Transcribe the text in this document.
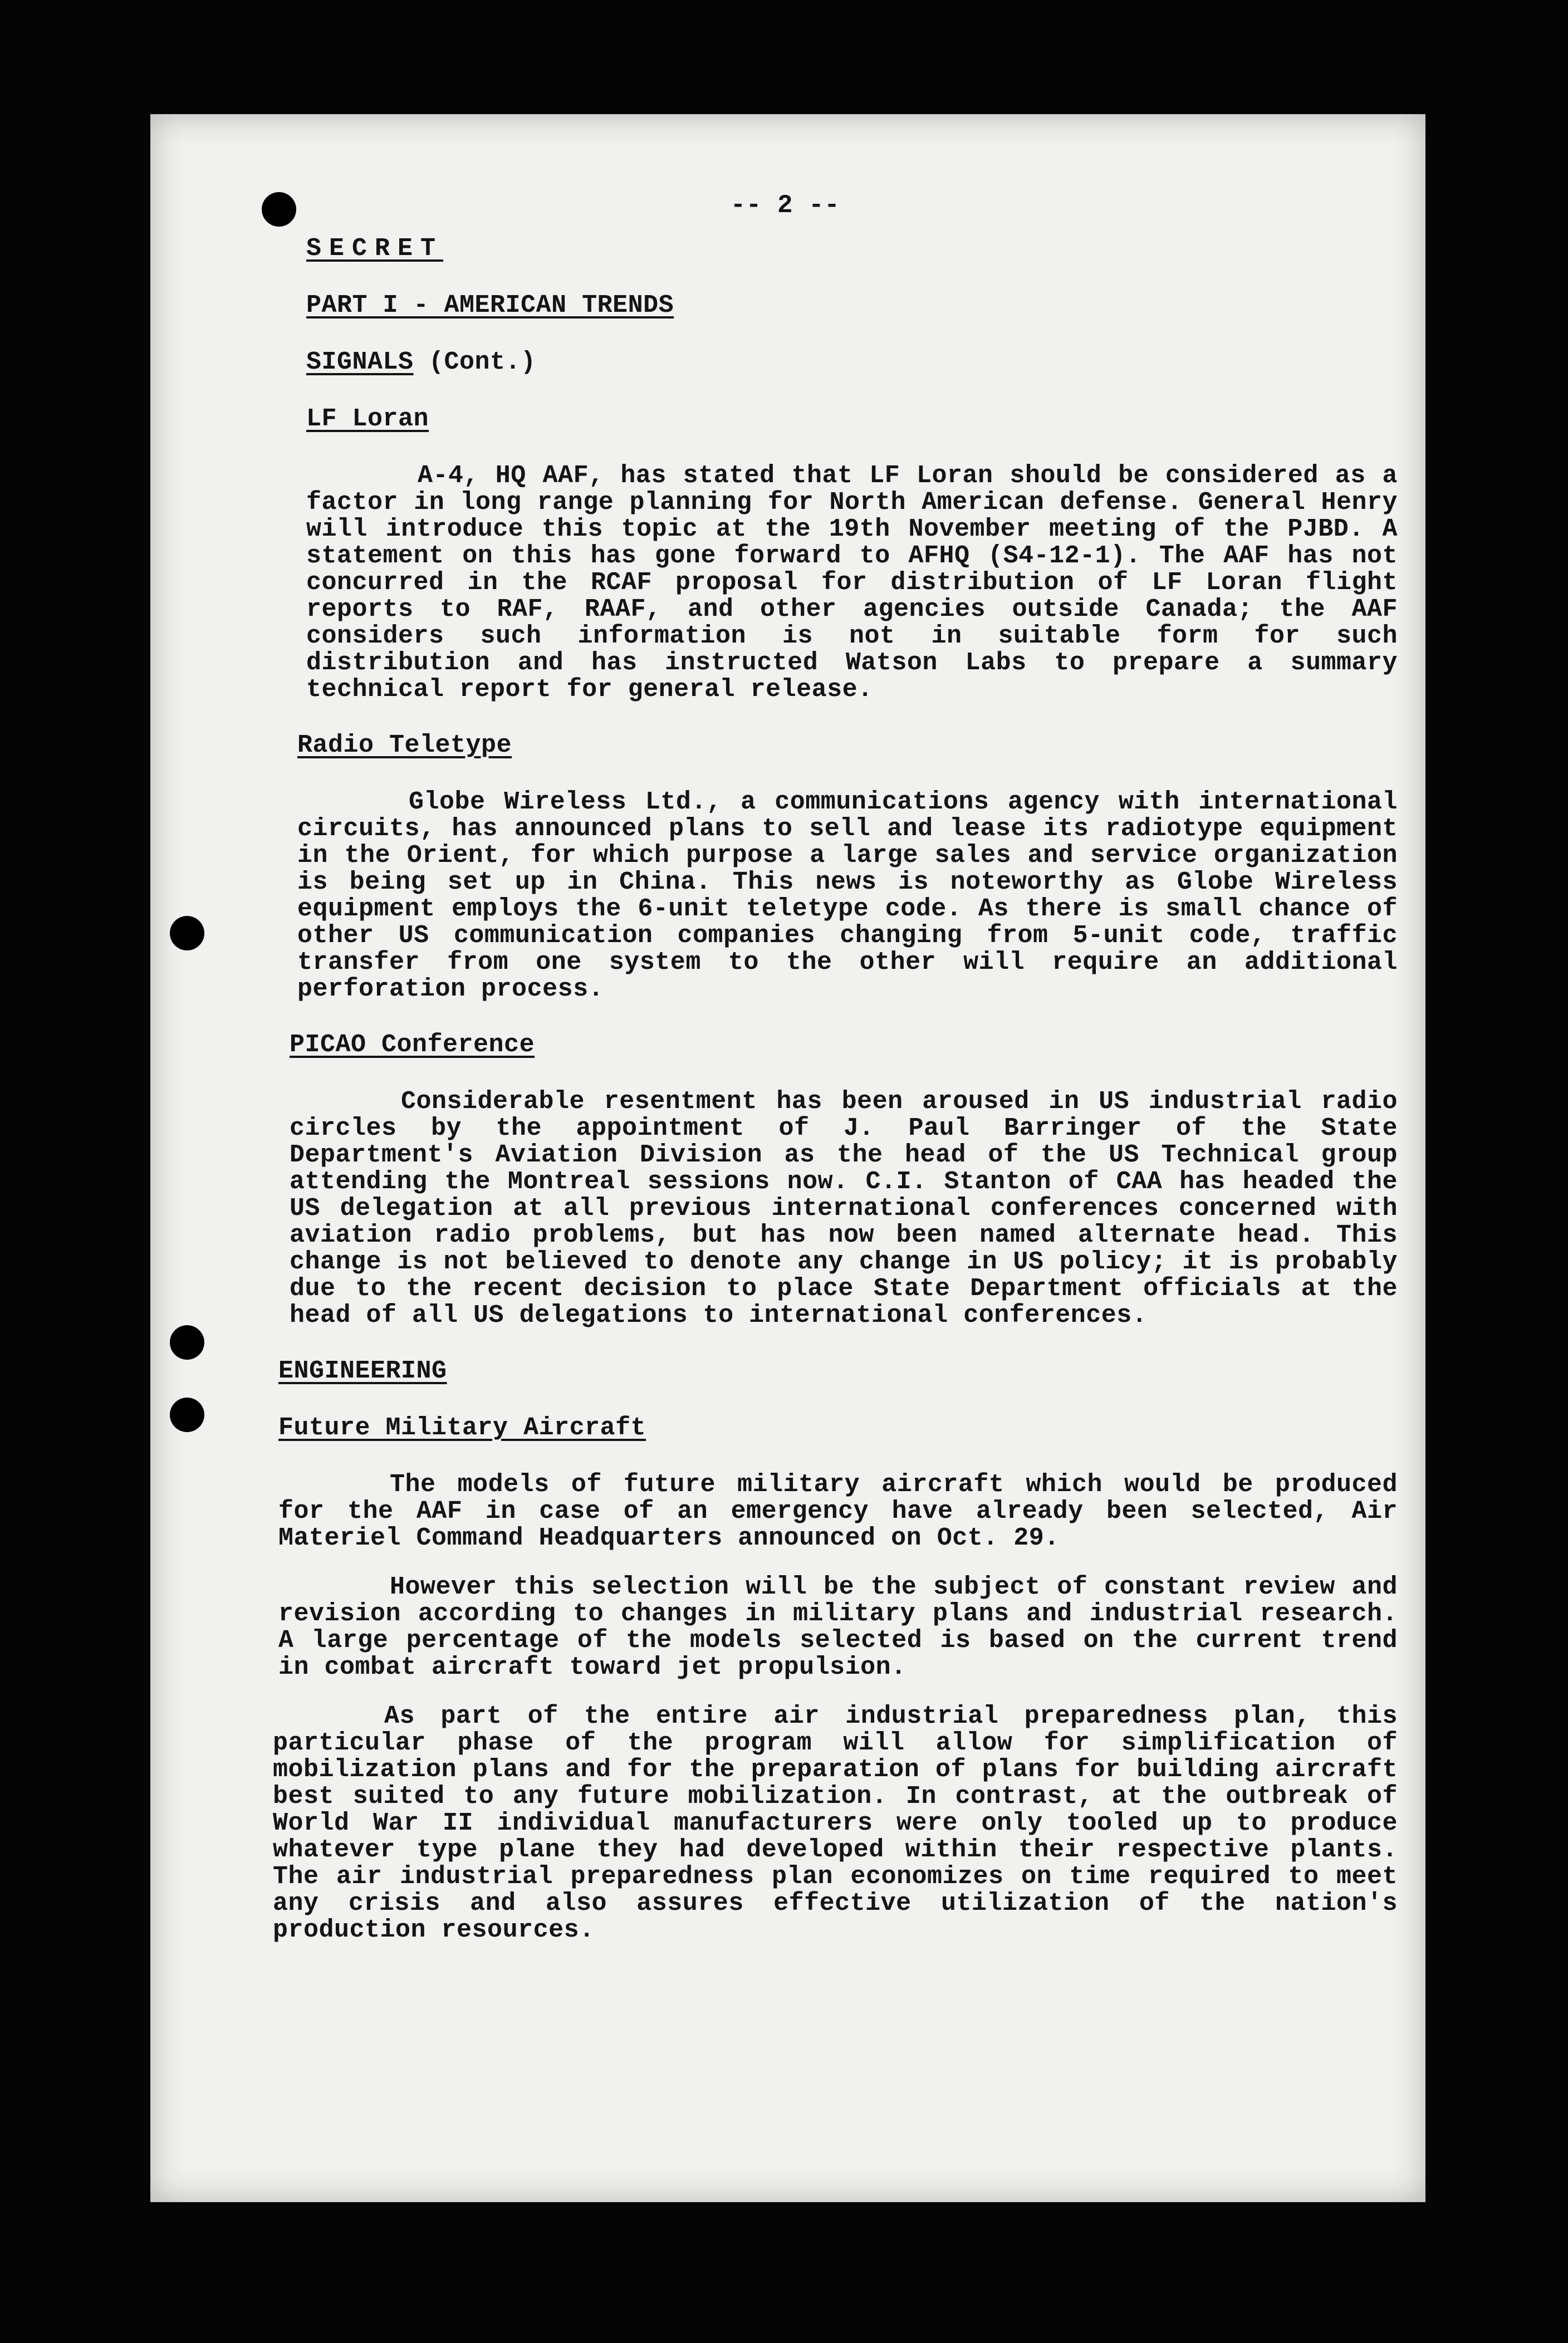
-- 2 --
SECRET
PART I - AMERICAN TRENDS
SIGNALS (Cont.)
LF Loran

A-4, HQ AAF, has stated that LF Loran should be considered as a factor in long range planning for North American defense. General Henry will introduce this topic at the 19th November meeting of the PJBD. A statement on this has gone forward to AFHQ (S4-12-1). The AAF has not concurred in the RCAF proposal for distribution of LF Loran flight reports to RAF, RAAF, and other agencies outside Canada; the AAF considers such information is not in suitable form for such distribution and has instructed Watson Labs to prepare a summary technical report for general release.

Radio Teletype

Globe Wireless Ltd., a communications agency with international circuits, has announced plans to sell and lease its radiotype equipment in the Orient, for which purpose a large sales and service organization is being set up in China. This news is noteworthy as Globe Wireless equipment employs the 6-unit teletype code. As there is small chance of other US communication companies changing from 5-unit code, traffic transfer from one system to the other will require an additional perforation process.

PICAO Conference

Considerable resentment has been aroused in US industrial radio circles by the appointment of J. Paul Barringer of the State Department's Aviation Division as the head of the US Technical group attending the Montreal sessions now. C.I. Stanton of CAA has headed the US delegation at all previous international conferences concerned with aviation radio problems, but has now been named alternate head. This change is not believed to denote any change in US policy; it is probably due to the recent decision to place State Department officials at the head of all US delegations to international conferences.

ENGINEERING
Future Military Aircraft

The models of future military aircraft which would be produced for the AAF in case of an emergency have already been selected, Air Materiel Command Headquarters announced on Oct. 29.

However this selection will be the subject of constant review and revision according to changes in military plans and industrial research. A large percentage of the models selected is based on the current trend in combat aircraft toward jet propulsion.

As part of the entire air industrial preparedness plan, this particular phase of the program will allow for simplification of mobilization plans and for the preparation of plans for building aircraft best suited to any future mobilization. In contrast, at the outbreak of World War II individual manufacturers were only tooled up to produce whatever type plane they had developed within their respective plants. The air industrial preparedness plan economizes on time required to meet any crisis and also assures effective utilization of the nation's production resources.
